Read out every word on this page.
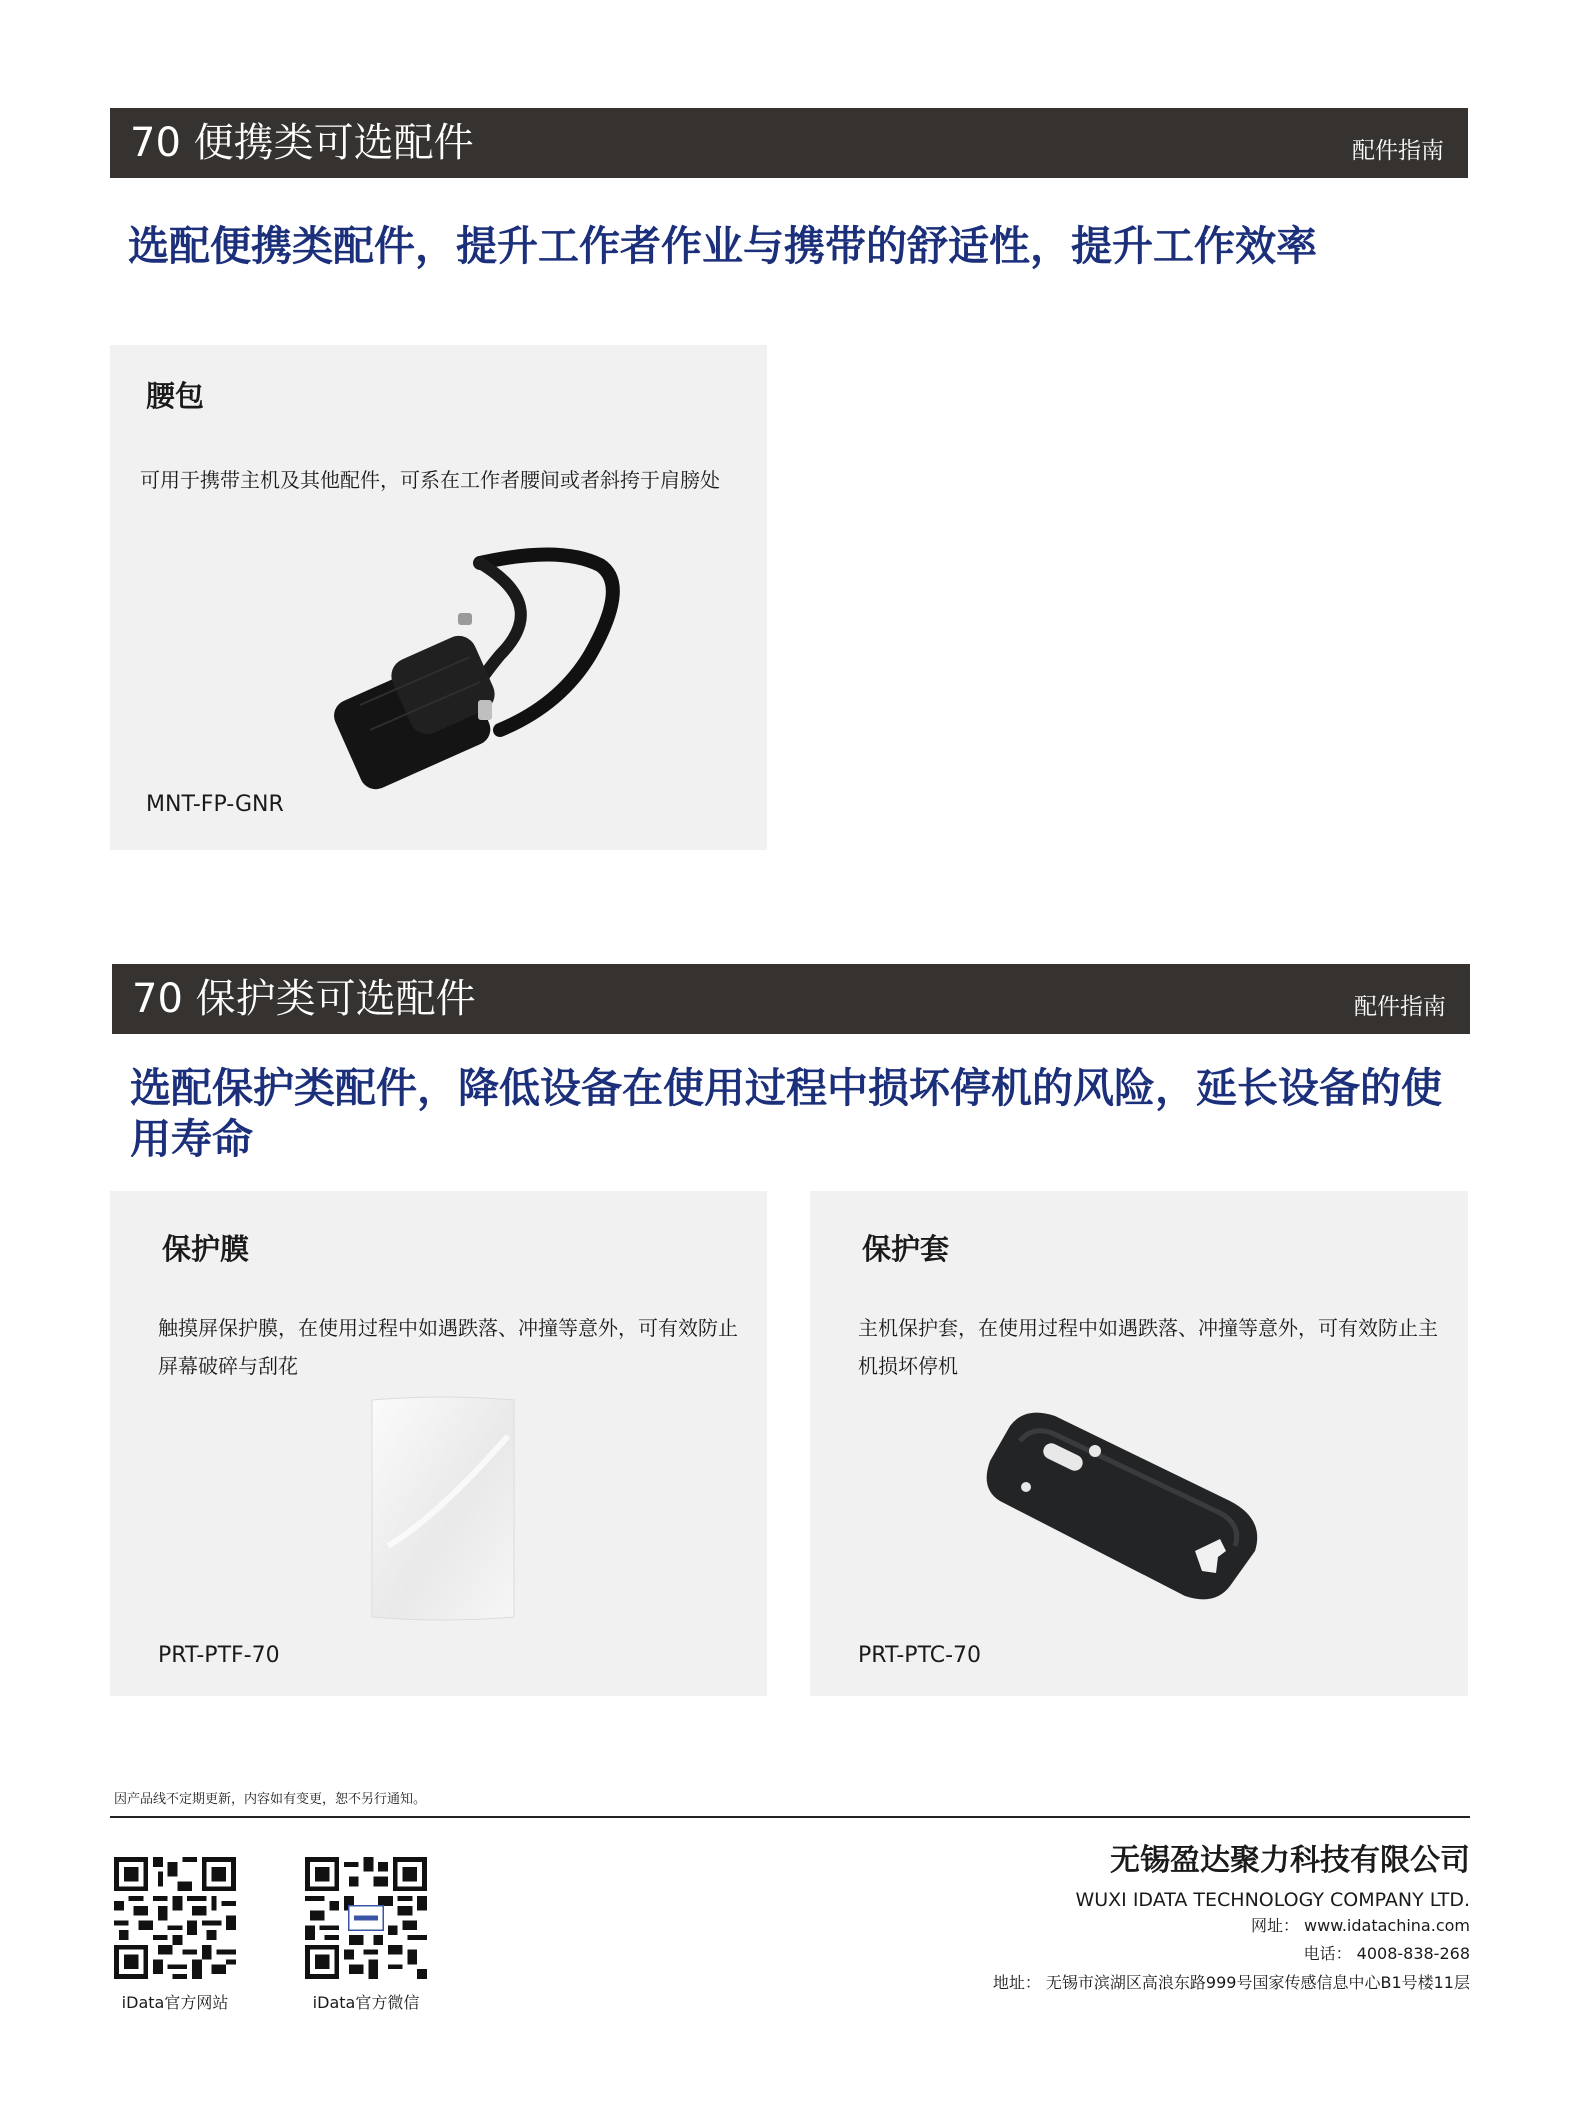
70 便携类可选配件	配件指南
选配便携类配件，提升工作者作业与携带的舒适性，提升工作效率
腰包
可用于携带主机及其他配件，可系在工作者腰间或者斜挎于肩膀处
MNT-FP-GNR
70 保护类可选配件	配件指南
选配保护类配件，降低设备在使用过程中损坏停机的风险，延长设备的使用寿命
保护膜
触摸屏保护膜，在使用过程中如遇跌落、冲撞等意外，可有效防止屏幕破碎与刮花
PRT-PTF-70
保护套
主机保护套，在使用过程中如遇跌落、冲撞等意外，可有效防止主机损坏停机
PRT-PTC-70
因产品线不定期更新，内容如有变更，恕不另行通知。
iData官方网站	iData官方微信
无锡盈达聚力科技有限公司
WUXI IDATA TECHNOLOGY COMPANY LTD.
网址： www.idatachina.com
电话： 4008-838-268
地址： 无锡市滨湖区高浪东路999号国家传感信息中心B1号楼11层
